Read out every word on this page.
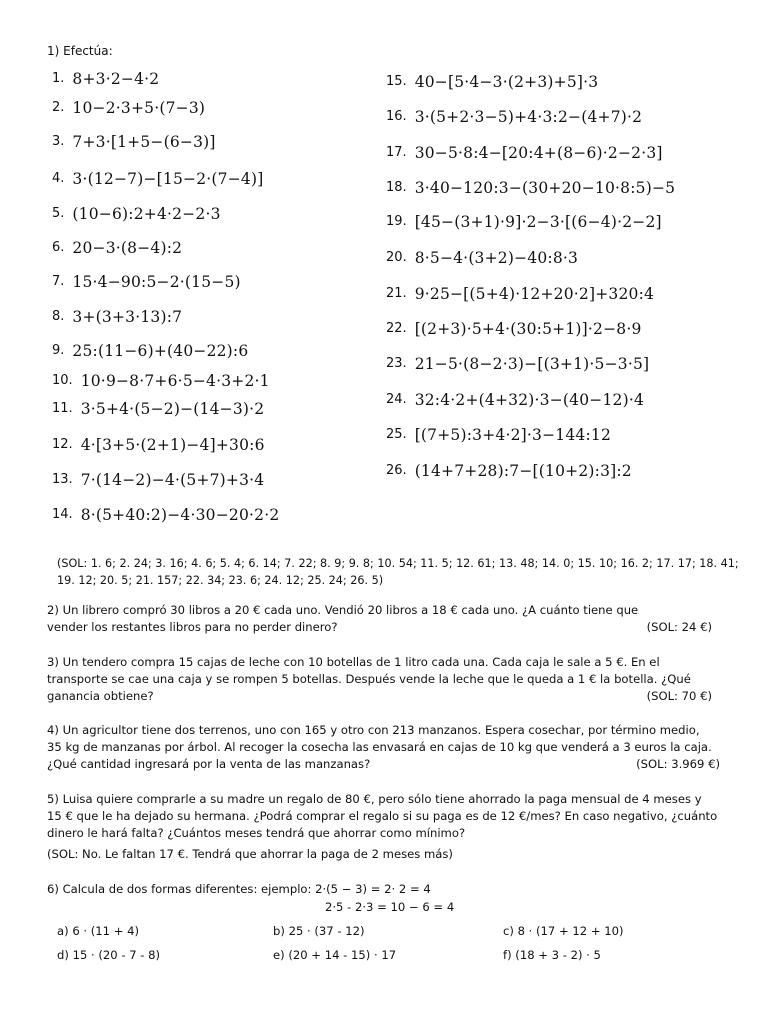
1) Efectúa:
1. 8+3·2−4·2
2. 10−2·3+5·(7−3)
3. 7+3·[1+5−(6−3)]
4. 3·(12−7)−[15−2·(7−4)]
5. (10−6):2+4·2−2·3
6. 20−3·(8−4):2
7. 15·4−90:5−2·(15−5)
8. 3+(3+3·13):7
9. 25:(11−6)+(40−22):6
10. 10·9−8·7+6·5−4·3+2·1
11. 3·5+4·(5−2)−(14−3)·2
12. 4·[3+5·(2+1)−4]+30:6
13. 7·(14−2)−4·(5+7)+3·4
14. 8·(5+40:2)−4·30−20·2·2
15. 40−[5·4−3·(2+3)+5]·3
16. 3·(5+2·3−5)+4·3:2−(4+7)·2
17. 30−5·8:4−[20:4+(8−6)·2−2·3]
18. 3·40−120:3−(30+20−10·8:5)−5
19. [45−(3+1)·9]·2−3·[(6−4)·2−2]
20. 8·5−4·(3+2)−40:8·3
21. 9·25−[(5+4)·12+20·2]+320:4
22. [(2+3)·5+4·(30:5+1)]·2−8·9
23. 21−5·(8−2·3)−[(3+1)·5−3·5]
24. 32:4·2+(4+32)·3−(40−12)·4
25. [(7+5):3+4·2]·3−144:12
26. (14+7+28):7−[(10+2):3]:2
(SOL: 1. 6; 2. 24; 3. 16; 4. 6; 5. 4; 6. 14; 7. 22; 8. 9; 9. 8; 10. 54; 11. 5; 12. 61; 13. 48; 14. 0; 15. 10; 16. 2; 17. 17; 18. 41; 19. 12; 20. 5; 21. 157; 22. 34; 23. 6; 24. 12; 25. 24; 26. 5)
2) Un librero compró 30 libros a 20 € cada uno. Vendió 20 libros a 18 € cada uno. ¿A cuánto tiene que
vender los restantes libros para no perder dinero?	(SOL: 24 €)
3) Un tendero compra 15 cajas de leche con 10 botellas de 1 litro cada una. Cada caja le sale a 5 €. En el
transporte se cae una caja y se rompen 5 botellas. Después vende la leche que le queda a 1 € la botella. ¿Qué
ganancia obtiene?	(SOL: 70 €)
4) Un agricultor tiene dos terrenos, uno con 165 y otro con 213 manzanos. Espera cosechar, por término medio,
35 kg de manzanas por árbol. Al recoger la cosecha las envasará en cajas de 10 kg que venderá a 3 euros la caja.
¿Qué cantidad ingresará por la venta de las manzanas?	(SOL: 3.969 €)
5) Luisa quiere comprarle a su madre un regalo de 80 €, pero sólo tiene ahorrado la paga mensual de 4 meses y
15 € que le ha dejado su hermana. ¿Podrá comprar el regalo si su paga es de 12 €/mes? En caso negativo, ¿cuánto
dinero le hará falta? ¿Cuántos meses tendrá que ahorrar como mínimo?
(SOL: No. Le faltan 17 €. Tendrá que ahorrar la paga de 2 meses más)
6) Calcula de dos formas diferentes: ejemplo: 2·(5 − 3) = 2· 2 = 4
2·5 - 2·3 = 10 − 6 = 4
a) 6 · (11 + 4)	b) 25 · (37 - 12)	c) 8 · (17 + 12 + 10)
d) 15 · (20 - 7 - 8)	e) (20 + 14 - 15) · 17	f) (18 + 3 - 2) · 5
